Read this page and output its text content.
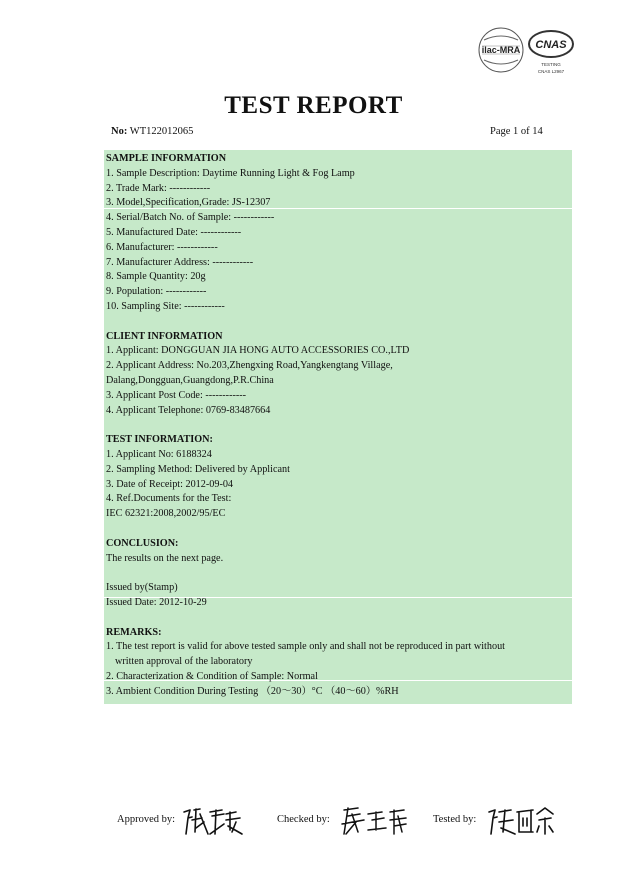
ilac-MRA CNAS
TESTING
CNAS L2967
TEST REPORT
No: WT122012065	Page 1 of 14
SAMPLE INFORMATION
1. Sample Description: Daytime Running Light & Fog Lamp
2. Trade Mark: ------------
3. Model,Specification,Grade: JS-12307
4. Serial/Batch No. of Sample: ------------
5. Manufactured Date: ------------
6. Manufacturer: ------------
7. Manufacturer Address: ------------
8. Sample Quantity: 20g
9. Population: ------------
10. Sampling Site: ------------
CLIENT INFORMATION
1. Applicant: DONGGUAN JIA HONG AUTO ACCESSORIES CO.,LTD
2. Applicant Address: No.203,Zhengxing Road,Yangkengtang Village,
Dalang,Dongguan,Guangdong,P.R.China
3. Applicant Post Code: ------------
4. Applicant Telephone: 0769-83487664
TEST INFORMATION:
1. Applicant No: 6188324
2. Sampling Method: Delivered by Applicant
3. Date of Receipt: 2012-09-04
4. Ref.Documents for the Test:
IEC 62321:2008,2002/95/EC
CONCLUSION:
The results on the next page.
Issued by(Stamp)
Issued Date: 2012-10-29
REMARKS:
1. The test report is valid for above tested sample only and shall not be reproduced in part without
written approval of the laboratory
2. Characterization & Condition of Sample: Normal
3. Ambient Condition During Testing （20～30）°C （40～60）%RH
Approved by:	Checked by:	Tested by:
